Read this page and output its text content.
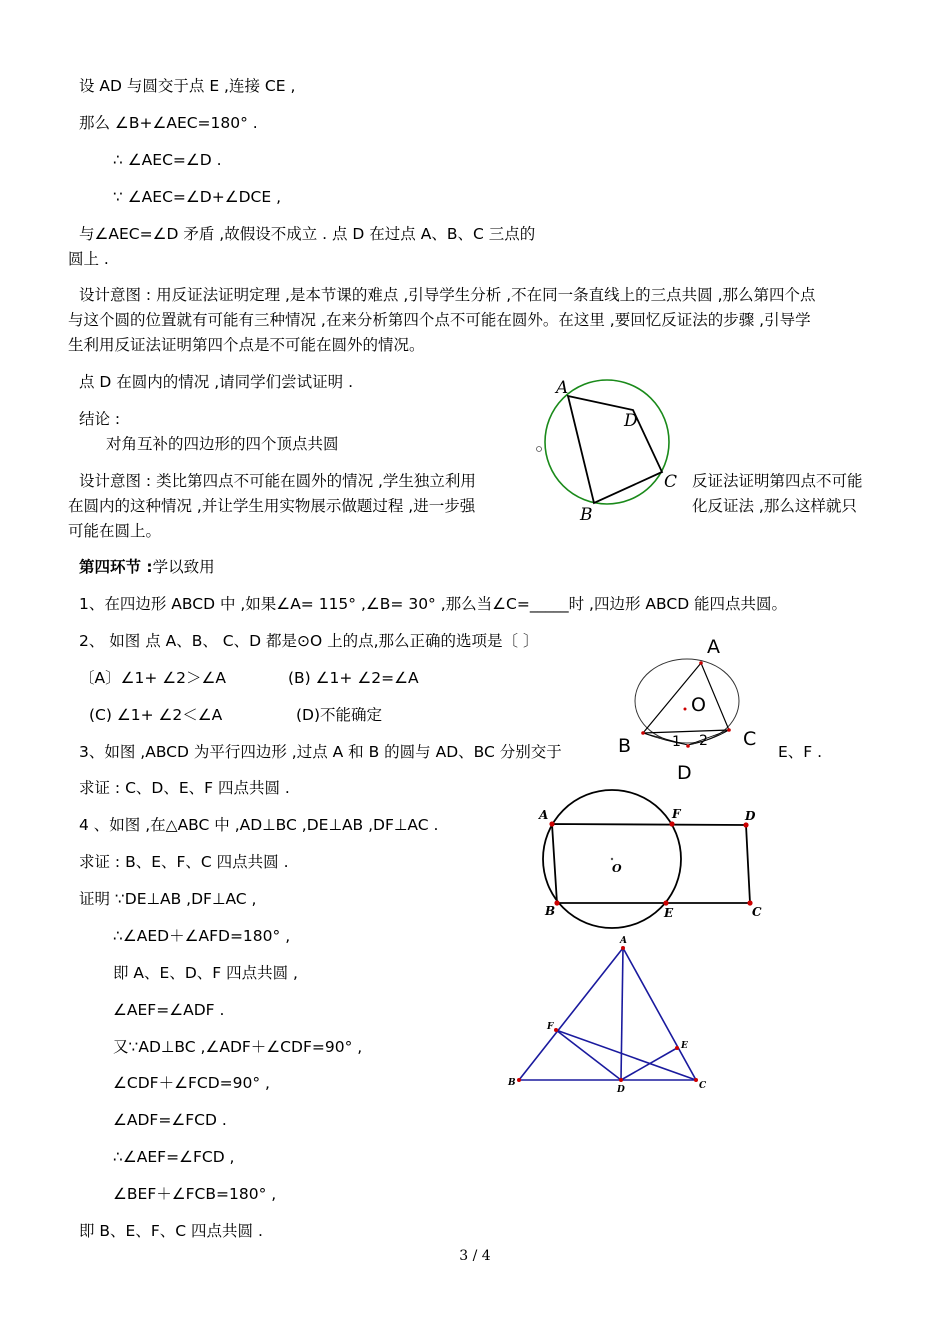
设 AD 与圆交于点 E ,连接 CE ,
那么 ∠B+∠AEC=180° .
∴ ∠AEC=∠D .
∵ ∠AEC=∠D+∠DCE ,
与∠AEC=∠D 矛盾 ,故假设不成立 . 点 D 在过点 A、B、C 三点的
圆上 .
设计意图 : 用反证法证明定理 ,是本节课的难点 ,引导学生分析 ,不在同一条直线上的三点共圆 ,那么第四个点
与这个圆的位置就有可能有三种情况 ,在来分析第四个点不可能在圆外。在这里 ,要回忆反证法的步骤 ,引导学
生利用反证法证明第四个点是不可能在圆外的情况。
点 D 在圆内的情况 ,请同学们尝试证明 .
结论 :
对角互补的四边形的四个顶点共圆
设计意图 : 类比第四点不可能在圆外的情况 ,学生独立利用	反证法证明第四点不可能
在圆内的这种情况 ,并让学生用实物展示做题过程 ,进一步强	化反证法 ,那么这样就只
可能在圆上。
A
D
C
B
第四环节 :学以致用
1、在四边形 ABCD 中 ,如果∠A= 115° ,∠B= 30° ,那么当∠C=_____时 ,四边形 ABCD 能四点共圆。
2、 如图 点 A、B、 C、D 都是⊙O 上的点,那么正确的选项是〔 〕
〔A〕∠1+ ∠2＞∠A	(B) ∠1+ ∠2=∠A
(C) ∠1+ ∠2＜∠A	(D)不能确定
A
O
B	C
D
1 2
3、如图 ,ABCD 为平行四边形 ,过点 A 和 B 的圆与 AD、BC 分别交于	E、F .
求证 : C、D、E、F 四点共圆 .
A	F	D
B	E	C
O
4 、如图 ,在△ABC 中 ,AD⊥BC ,DE⊥AB ,DF⊥AC .
求证 : B、E、F、C 四点共圆 .
证明 ∵DE⊥AB ,DF⊥AC ,
∴∠AED＋∠AFD=180° ,
即 A、E、D、F 四点共圆 ,
∠AEF=∠ADF .
又∵AD⊥BC ,∠ADF＋∠CDF=90° ,
∠CDF＋∠FCD=90° ,
∠ADF=∠FCD .
∴∠AEF=∠FCD ,
∠BEF＋∠FCB=180° ,
即 B、E、F、C 四点共圆 .
A
B	C
D
E
F
3 / 4
